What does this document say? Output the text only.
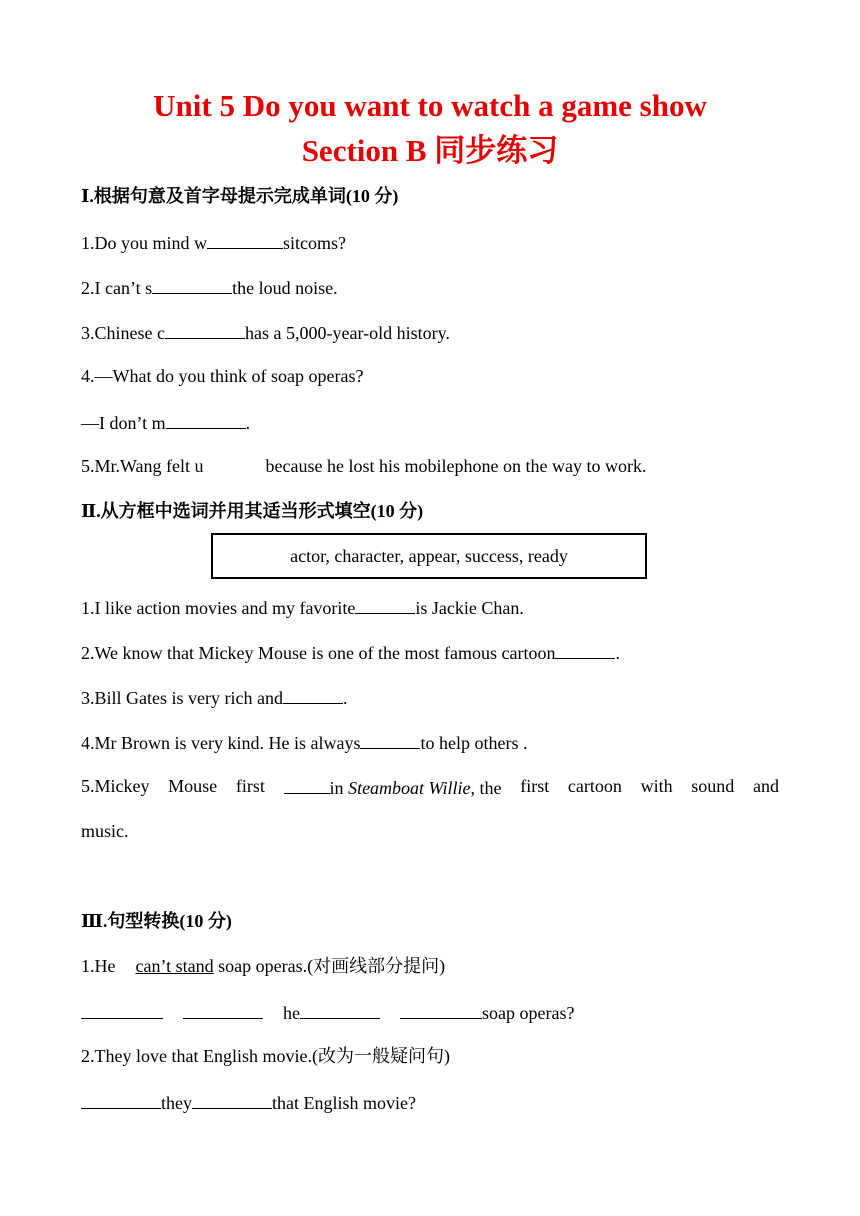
Unit 5 Do you want to watch a game show
Section B 同步练习
Ⅰ.根据句意及首字母提示完成单词(10 分)
1.Do you mind w	sitcoms?
2.I can’t s	the loud noise.
3.Chinese c	has a 5,000-year-old history.
4.—What do you think of soap operas?
—I don’t m	.
5.Mr.Wang felt u	because he lost his mobilephone on the way to work.
Ⅱ.从方框中选词并用其适当形式填空(10 分)
actor, character, appear, success, ready
1.I like action movies and my favorite	is Jackie Chan.
2.We know that Mickey Mouse is one of the most famous cartoon	.
3.Bill Gates is very rich and	.
4.Mr Brown is very kind. He is always	to help others .
5.Mickey Mouse first	in Steamboat Willie, the first cartoon with sound and
music.
Ⅲ.句型转换(10 分)
1.He can’t stand soap operas.(对画线部分提问)
he	soap operas?
2.They love that English movie.(改为一般疑问句)
they	that English movie?
